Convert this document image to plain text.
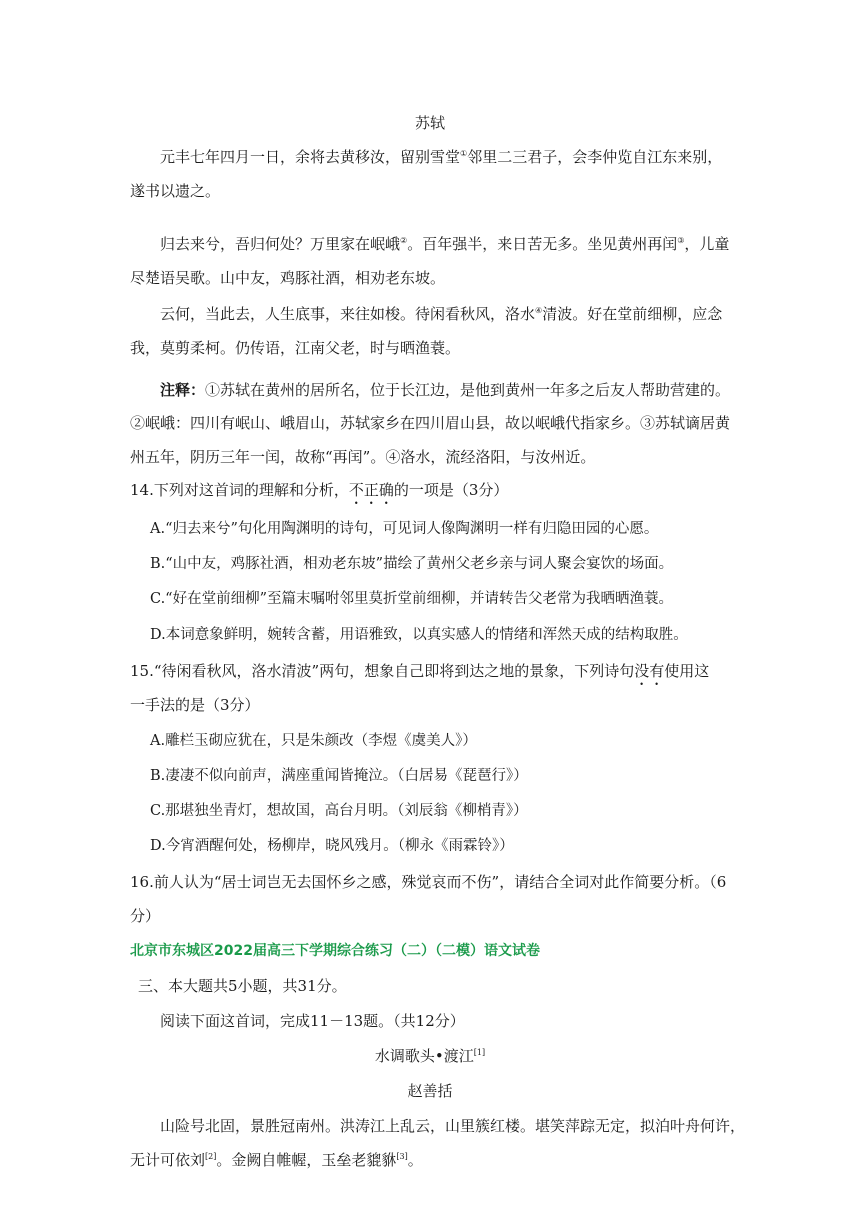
苏轼
元丰七年四月一日，余将去黄移汝，留别雪堂①邻里二三君子，会李仲览自江东来别，
遂书以遗之。
归去来兮，吾归何处？万里家在岷峨②。百年强半，来日苦无多。坐见黄州再闰③，儿童
尽楚语吴歌。山中友，鸡豚社酒，相劝老东坡。
云何，当此去，人生底事，来往如梭。待闲看秋风，洛水④清波。好在堂前细柳，应念
我，莫剪柔柯。仍传语，江南父老，时与晒渔蓑。
注释：①苏轼在黄州的居所名，位于长江边，是他到黄州一年多之后友人帮助营建的。
②岷峨：四川有岷山、峨眉山，苏轼家乡在四川眉山县，故以岷峨代指家乡。③苏轼谪居黄
州五年，阴历三年一闰，故称“再闰”。④洛水，流经洛阳，与汝州近。
14.下列对这首词的理解和分析，不正确的一项是（3分）
A.“归去来兮”句化用陶渊明的诗句，可见词人像陶渊明一样有归隐田园的心愿。
B.“山中友，鸡豚社酒，相劝老东坡”描绘了黄州父老乡亲与词人聚会宴饮的场面。
C.“好在堂前细柳”至篇末嘱咐邻里莫折堂前细柳，并请转告父老常为我晒晒渔蓑。
D.本词意象鲜明，婉转含蓄，用语雅致，以真实感人的情绪和浑然天成的结构取胜。
15.“待闲看秋风，洛水清波”两句，想象自己即将到达之地的景象，下列诗句没有使用这
一手法的是（3分）
A.雕栏玉砌应犹在，只是朱颜改（李煜《虞美人》）
B.凄凄不似向前声，满座重闻皆掩泣。（白居易《琵琶行》）
C.那堪独坐青灯，想故国，高台月明。（刘辰翁《柳梢青》）
D.今宵酒醒何处，杨柳岸，晓风残月。（柳永《雨霖铃》）
16.前人认为“居士词岂无去国怀乡之感，殊觉哀而不伤”，请结合全词对此作简要分析。（6
分）
北京市东城区2022届高三下学期综合练习（二）（二模）语文试卷
三、本大题共5小题，共31分。
阅读下面这首词，完成11－13题。（共12分）
水调歌头•渡江[1]
赵善括
山险号北固，景胜冠南州。洪涛江上乱云，山里簇红楼。堪笑萍踪无定，拟泊叶舟何许，
无计可依刘[2]。金阙自帷幄，玉垒老貔貅[3]。
